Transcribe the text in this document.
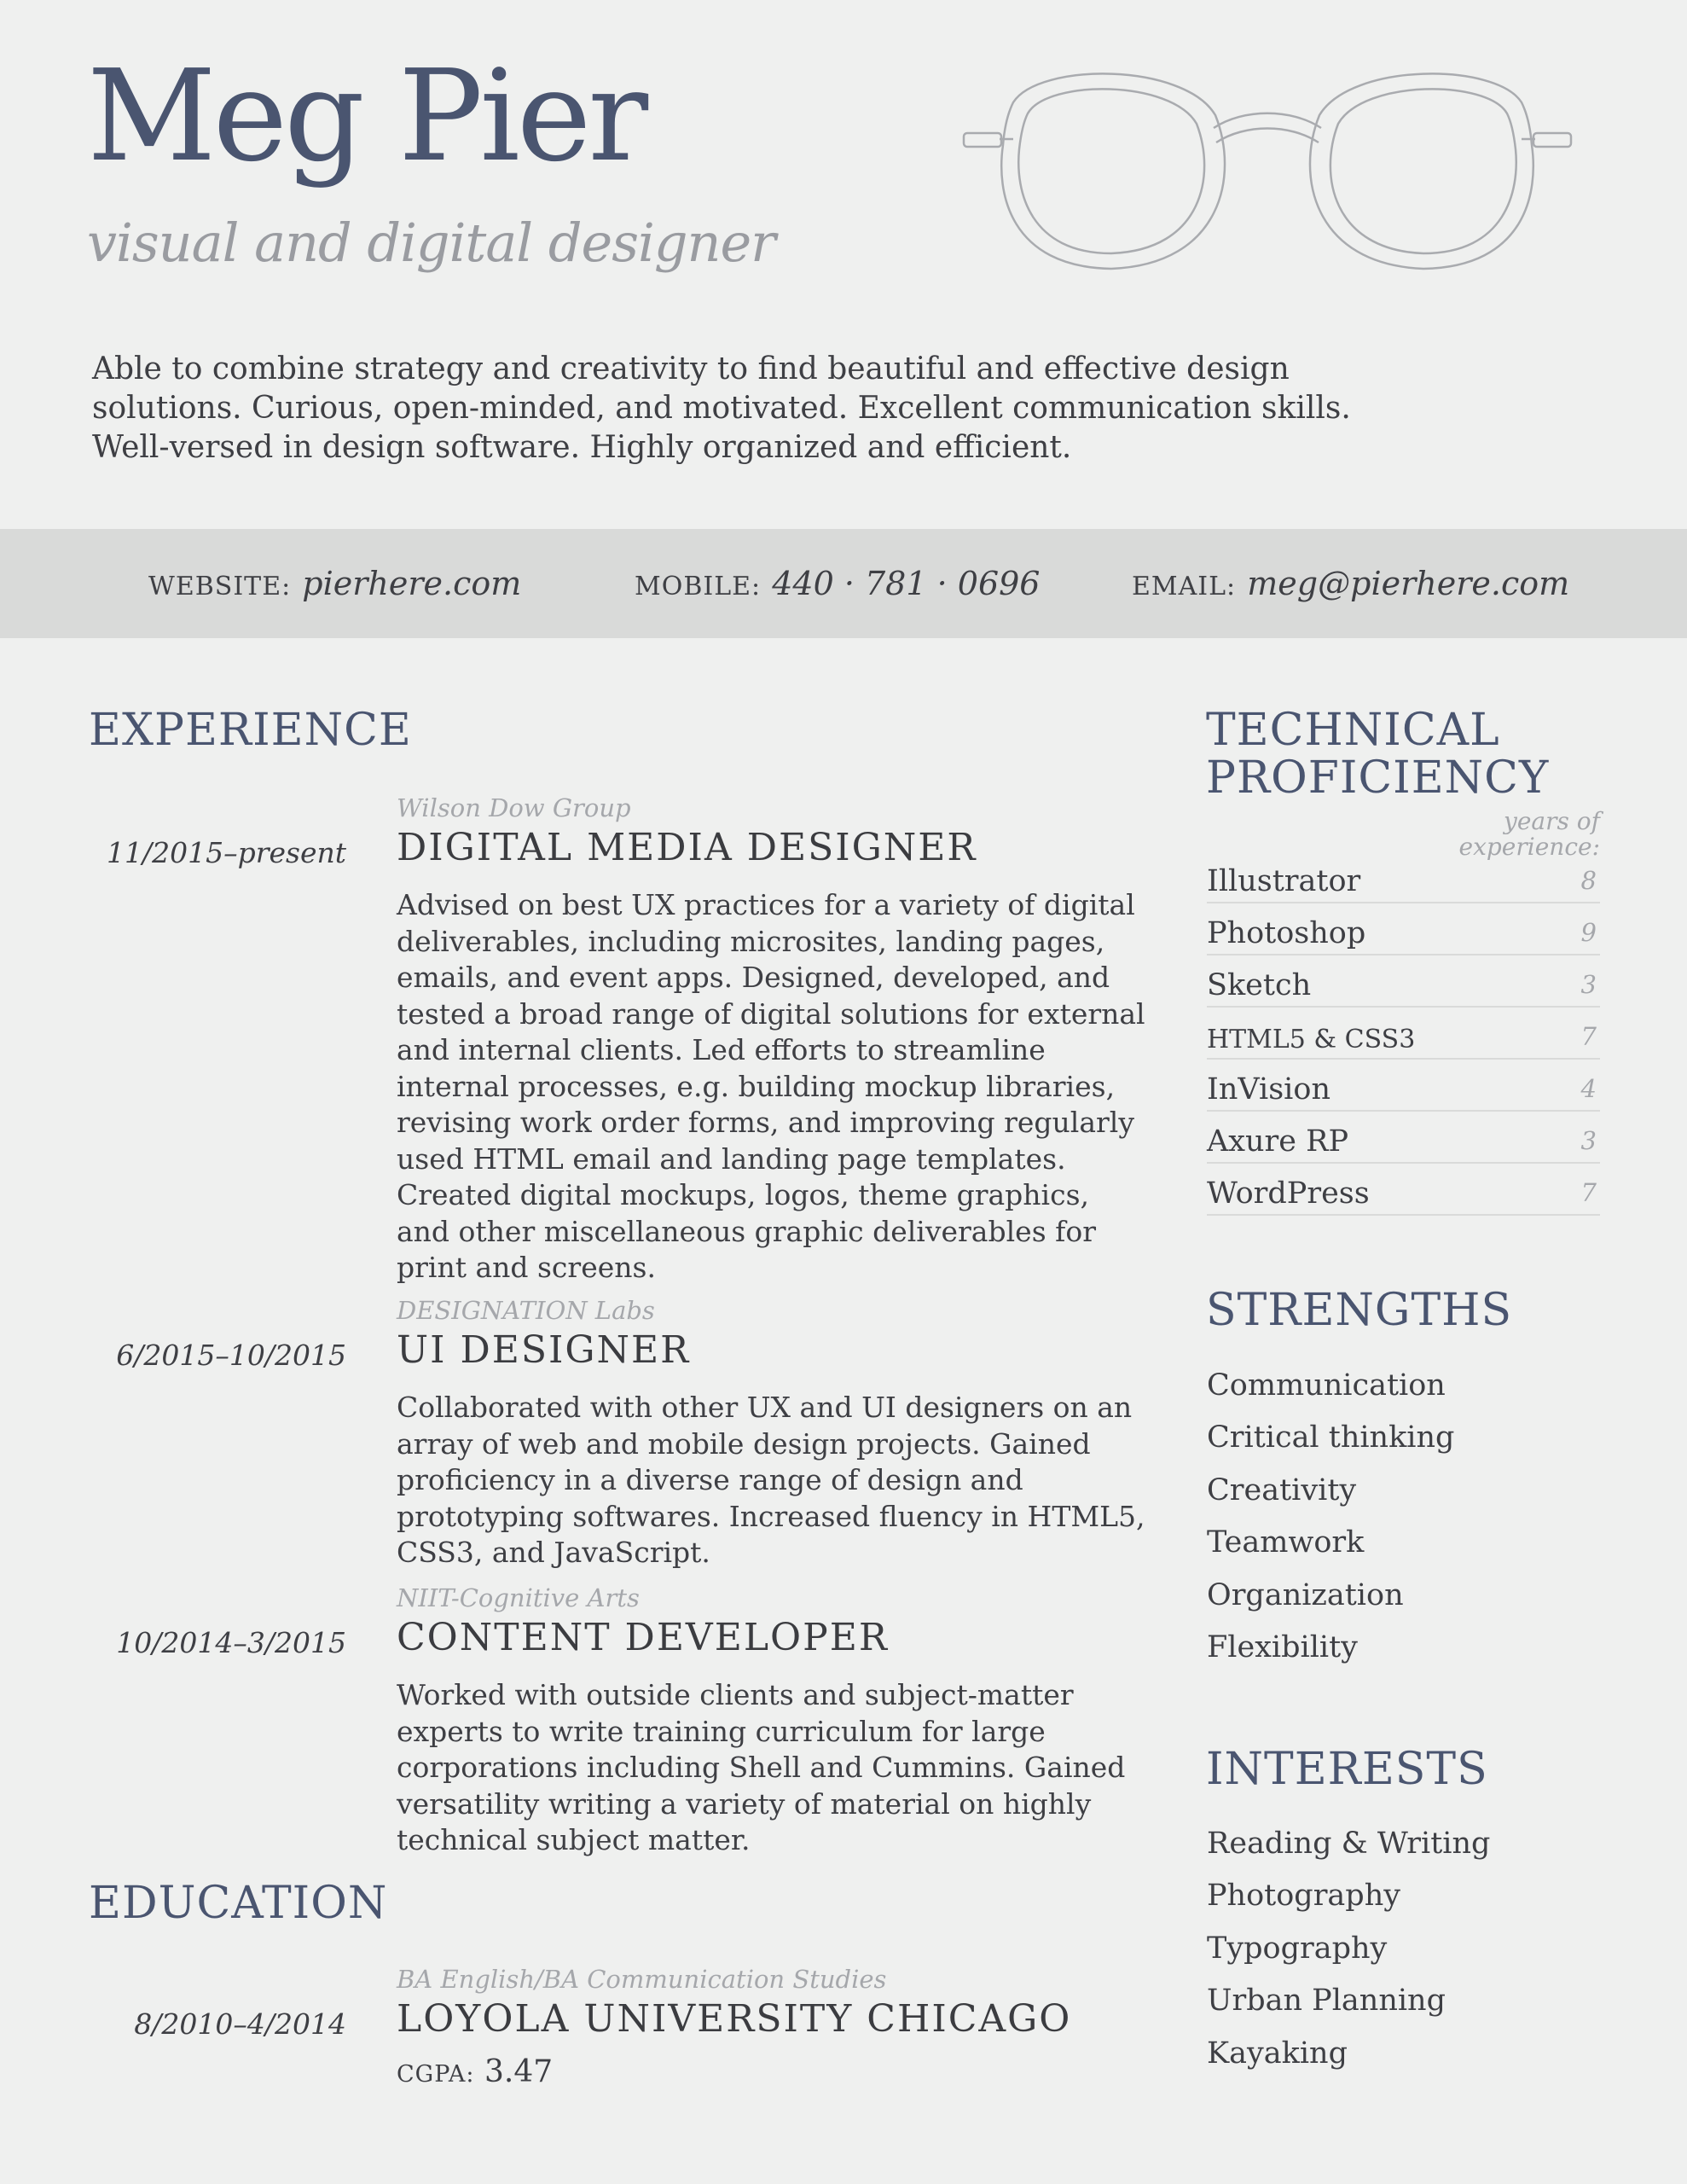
Meg Pier
visual and digital designer
Able to combine strategy and creativity to find beautiful and effective design solutions. Curious, open-minded, and motivated. Excellent communication skills. Well-versed in design software. Highly organized and efficient.
WEBSITE: pierhere.com	MOBILE: 440 · 781 · 0696	EMAIL: meg@pierhere.com
EXPERIENCE
Wilson Dow Group
11/2015–present DIGITAL MEDIA DESIGNER
Advised on best UX practices for a variety of digital deliverables, including microsites, landing pages, emails, and event apps. Designed, developed, and tested a broad range of digital solutions for external and internal clients. Led efforts to streamline internal processes, e.g. building mockup libraries, revising work order forms, and improving regularly used HTML email and landing page templates. Created digital mockups, logos, theme graphics, and other miscellaneous graphic deliverables for print and screens.
DESIGNATION Labs
6/2015–10/2015 UI DESIGNER
Collaborated with other UX and UI designers on an array of web and mobile design projects. Gained proficiency in a diverse range of design and prototyping softwares. Increased fluency in HTML5, CSS3, and JavaScript.
NIIT-Cognitive Arts
10/2014–3/2015 CONTENT DEVELOPER
Worked with outside clients and subject-matter experts to write training curriculum for large corporations including Shell and Cummins. Gained versatility writing a variety of material on highly technical subject matter.
EDUCATION
BA English/BA Communication Studies
8/2010–4/2014 LOYOLA UNIVERSITY CHICAGO
CGPA: 3.47
TECHNICAL
PROFICIENCY
years of experience:
Illustrator	8
Photoshop	9
Sketch	3
HTML5 & CSS3	7
InVision	4
Axure RP	3
WordPress	7
STRENGTHS
Communication
Critical thinking
Creativity
Teamwork
Organization
Flexibility
INTERESTS
Reading & Writing
Photography
Typography
Urban Planning
Kayaking
